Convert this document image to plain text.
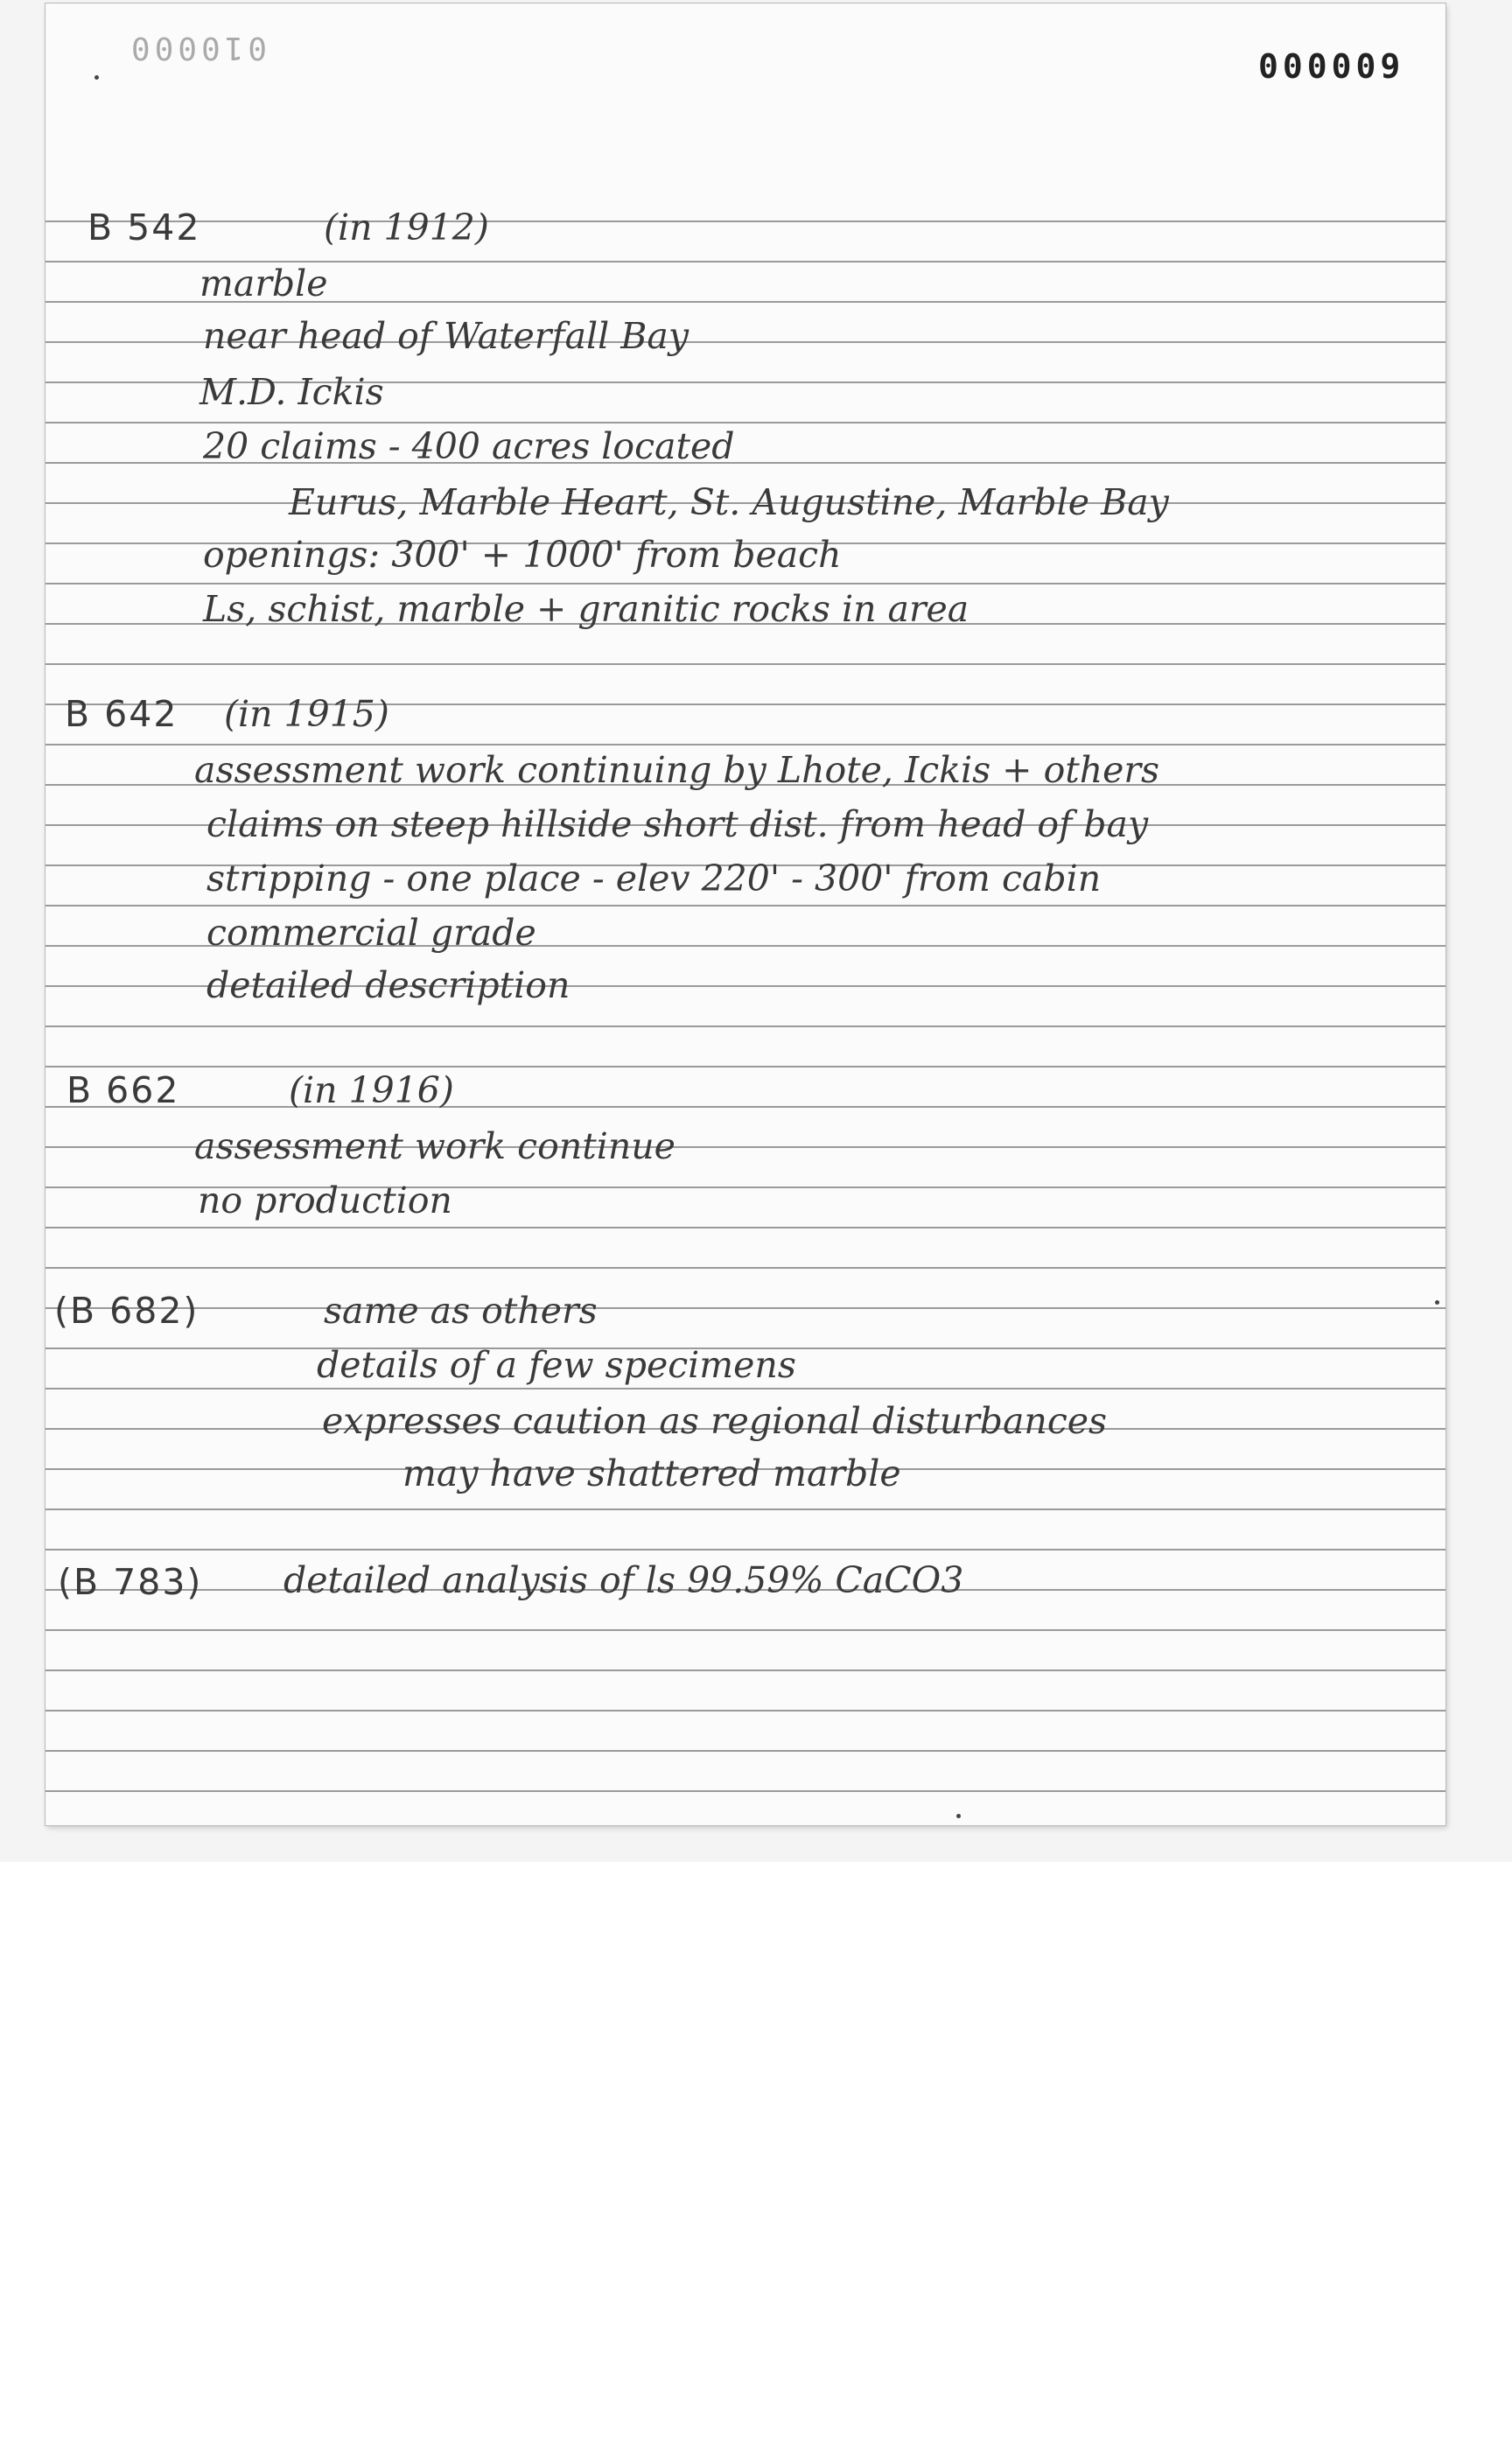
010000	000009
B 542	(in 1912)
marble
near head of Waterfall Bay
M.D. Ickis
20 claims - 400 acres located
Eurus, Marble Heart, St. Augustine, Marble Bay
openings: 300' + 1000' from beach
Ls, schist, marble + granitic rocks in area
B 642 (in 1915)
assessment work continuing by Lhote, Ickis + others
claims on steep hillside short dist. from head of bay
stripping - one place - elev 220' - 300' from cabin
commercial grade
detailed description
B 662	(in 1916)
assessment work continue
no production
(B 682)	same as others
details of a few specimens
expresses caution as regional disturbances
may have shattered marble
(B 783) detailed analysis of ls 99.59% CaCO3
